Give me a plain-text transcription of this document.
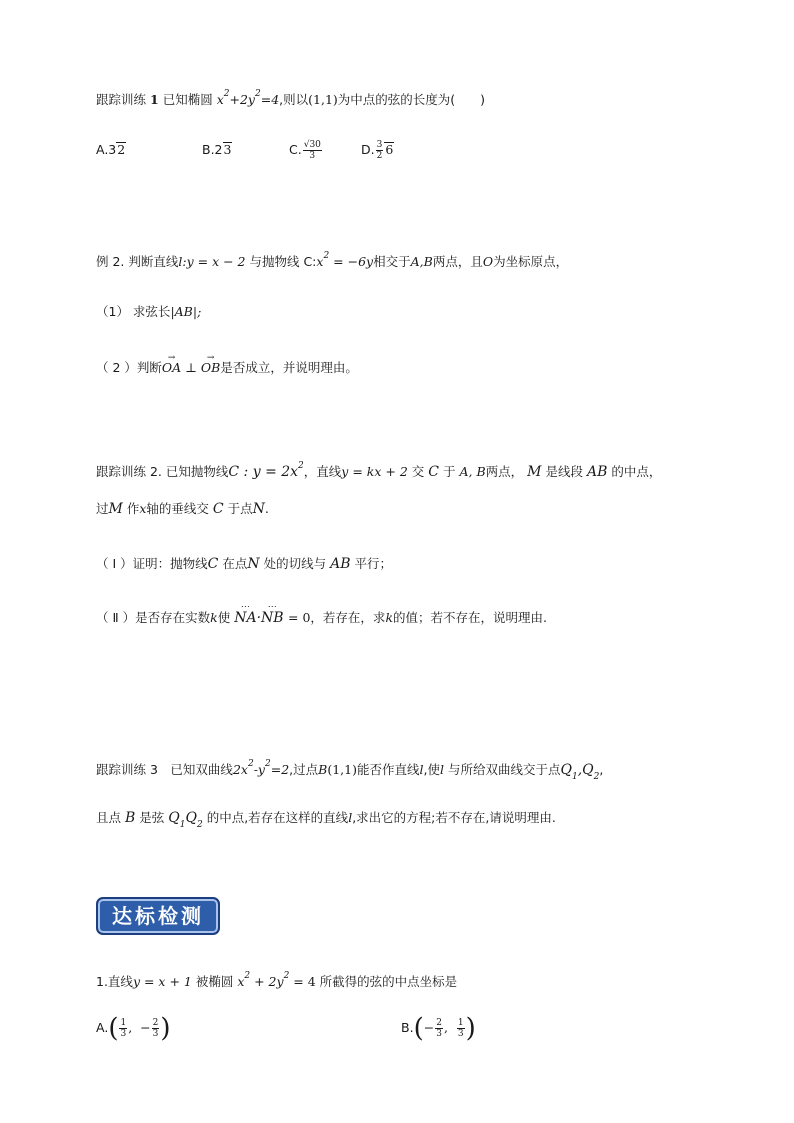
跟踪训练 1 已知椭圆 $x^2+2y^2=4$,则以(1,1)为中点的弦的长度为(　　)
A.32	B.23	C. $\frac{√30}{3}$	D. $\frac{3}{2} 6$
例 2. 判断直线l:y = x − 2 与抛物线 $C:x^2 = -6y$相交于A,B两点，且O为坐标原点，
（1） 求弦长|AB|;
（ 2 ）判断→ OA ⊥ → OB是否成立，并说明理由。
跟踪训练 2. 已知抛物线C : $y = 2x^2$，直线y = kx + 2 交 C 于 A, B两点， M 是线段 AB 的中点，
过M 作x轴的垂线交 C 于点N.
（ Ⅰ ）证明：抛物线C 在点N 处的切线与 AB 平行；
（ Ⅱ ）是否存在实数k使 ⋯ NA·⋯ NB = 0，若存在，求k的值；若不存在，说明理由.
跟踪训练 3　已知双曲线$2x^2-y^2=2$,过点B(1,1)能否作直线l,使l 与所给双曲线交于点$Q_1,Q_2$,
且点 B 是弦 $Q_1Q_2$ 的中点,若存在这样的直线l,求出它的方程;若不存在,请说明理由.
达标检测
1.直线y = x + 1 被椭圆 $x^2 + 2y^2 = 4$ 所截得的弦的中点坐标是
$A.( \frac{1}{3}$ ,  − $\frac{2}{3}$ )	$B.(- \frac{2}{3}$ , $\frac{1}{3}$ )
